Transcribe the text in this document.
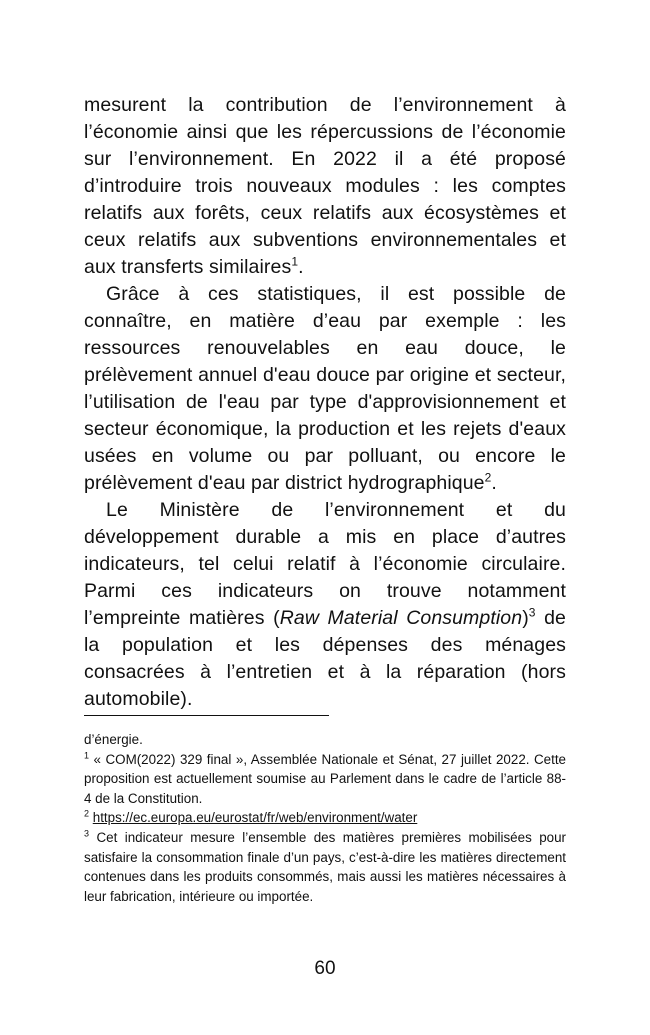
mesurent la contribution de l’environnement à l’économie ainsi que les répercussions de l’économie sur l’environnement. En 2022 il a été proposé d’introduire trois nouveaux modules : les comptes relatifs aux forêts, ceux relatifs aux écosystèmes et ceux relatifs aux subventions environnementales et aux transferts similaires$^1$.

Grâce à ces statistiques, il est possible de connaître, en matière d’eau par exemple : les ressources renouvelables en eau douce, le prélèvement annuel d'eau douce par origine et secteur, l’utilisation de l'eau par type d'approvisionnement et secteur économique, la production et les rejets d'eaux usées en volume ou par polluant, ou encore le prélèvement d'eau par district hydrographique$^2$.

Le Ministère de l’environnement et du développement durable a mis en place d’autres indicateurs, tel celui relatif à l’économie circulaire. Parmi ces indicateurs on trouve notamment l’empreinte matières (Raw Material Consumption)$^3$ de la population et les dépenses des ménages consacrées à l’entretien et à la réparation (hors automobile).

d’énergie.

$^1$ « COM(2022) 329 final », Assemblée Nationale et Sénat, 27 juillet 2022. Cette proposition est actuellement soumise au Parlement dans le cadre de l’article 88-4 de la Constitution.

$^2$ https://ec.europa.eu/eurostat/fr/web/environment/water

$^3$ Cet indicateur mesure l’ensemble des matières premières mobilisées pour satisfaire la consommation finale d’un pays, c’est-à-dire les matières directement contenues dans les produits consommés, mais aussi les matières nécessaires à leur fabrication, intérieure ou importée.

60
